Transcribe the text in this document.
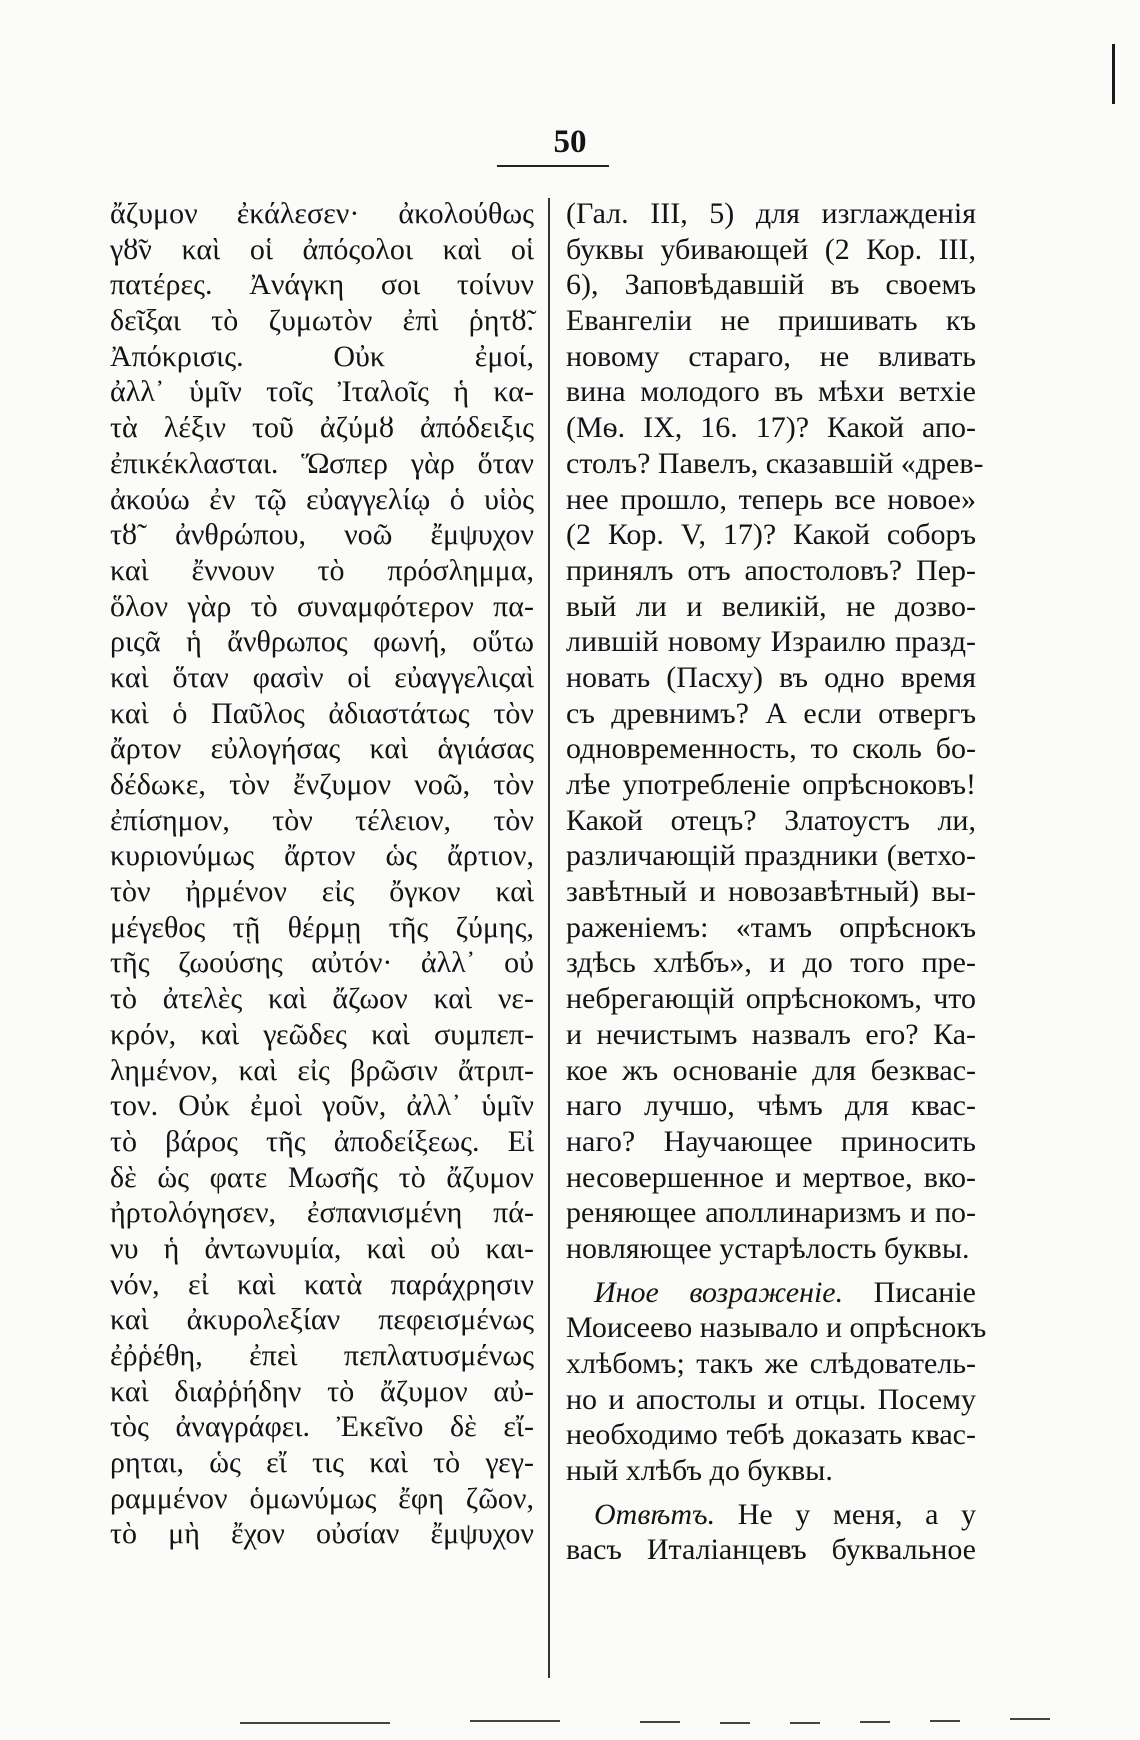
50
ἄζυμον ἐκάλεσεν· ἀκολούθως
γȣ̃ν καὶ οἱ ἀπόςολοι καὶ οἱ
πατέρες. Ἀνάγκη σοι τοίνυν
δεῖξαι τὸ ζυμωτὸν ἐπὶ ῥητȣ̃.
Ἀπόκρισις. Οὐκ ἐμοί,
ἀλλ᾿ ὑμῖν τοῖς Ἰταλοῖς ἡ κα-
τὰ λέξιν τοῦ ἀζύμȣ ἀπόδειξις
ἐπικέκλασται. Ὥσπερ γὰρ ὅταν
ἀκούω ἐν τῷ εὐαγγελίῳ ὁ υἱὸς
τȣ̃ ἀνθρώπου, νοῶ ἔμψυχον
καὶ ἔννουν τὸ πρόσλημμα,
ὅλον γὰρ τὸ συναμφότερον πα-
ριςᾶ ἡ ἄνθρωπος φωνή, οὕτω
καὶ ὅταν φασὶν οἱ εὐαγγελιςαὶ
καὶ ὁ Παῦλος ἀδιαστάτως τὸν
ἄρτον εὐλογήσας καὶ ἁγιάσας
δέδωκε, τὸν ἔνζυμον νοῶ, τὸν
ἐπίσημον, τὸν τέλειον, τὸν
κυριονύμως ἄρτον ὡς ἄρτιον,
τὸν ἠρμένον εἰς ὄγκον καὶ
μέγεθος τῇ θέρμῃ τῆς ζύμης,
τῆς ζωούσης αὐτόν· ἀλλ᾿ οὐ
τὸ ἀτελὲς καὶ ἄζωον καὶ νε-
κρόν, καὶ γεῶδες καὶ συμπεπ-
λημένον, καὶ εἰς βρῶσιν ἄτριπ-
τον. Οὐκ ἐμοὶ γοῦν, ἀλλ᾿ ὑμῖν
τὸ βάρος τῆς ἀποδείξεως. Εἰ
δὲ ὡς φατε Μωσῆς τὸ ἄζυμον
ἠρτολόγησεν, ἐσπανισμένη πά-
νυ ἡ ἀντωνυμία, καὶ οὐ και-
νόν, εἰ καὶ κατὰ παράχρησιν
καὶ ἀκυρολεξίαν πεφεισμένως
ἐῤῥέθη, ἐπεὶ πεπλατυσμένως
καὶ διαῤῥήδην τὸ ἄζυμον αὐ-
τὸς ἀναγράφει. Ἐκεῖνο δὲ εἴ-
ρηται, ὡς εἴ τις καὶ τὸ γεγ-
ραμμένον ὁμωνύμως ἔφη ζῶον,
τὸ μὴ ἔχον οὐσίαν ἔμψυχον
(Гал. III, 5) для изглажденія
буквы убивающей (2 Кор. III,
6), Заповѣдавшій въ своемъ
Евангеліи не пришивать къ
новому стараго, не вливать
вина молодого въ мѣхи ветхіе
(Мѳ. IX, 16. 17)? Какой апо-
столъ? Павелъ, сказавшій «древ-
нее прошло, теперь все новое»
(2 Кор. V, 17)? Какой соборъ
принялъ отъ апостоловъ? Пер-
вый ли и великій, не дозво-
лившій новому Израилю празд-
новать (Пасху) въ одно время
съ древнимъ? А если отвергъ
одновременность, то сколь бо-
лѣе употребленіе опрѣсноковъ!
Какой отецъ? Златоустъ ли,
различающій праздники (ветхо-
завѣтный и новозавѣтный) вы-
раженіемъ: «тамъ опрѣснокъ
здѣсь хлѣбъ», и до того пре-
небрегающій опрѣснокомъ, что
и нечистымъ назвалъ его? Ка-
кое жъ основаніе для безквас-
наго лучшо, чѣмъ для квас-
наго? Научающее приносить
несовершенное и мертвое, вко-
реняющее аполлинаризмъ и по-
новляющее устарѣлость буквы.
Иное возраженіе. Писаніе
Моисеево называло и опрѣснокъ
хлѣбомъ; такъ же слѣдователь-
но и апостолы и отцы. Посему
необходимо тебѣ доказать квас-
ный хлѣбъ до буквы.
Отвѣтъ. Не у меня, а у
васъ Италіанцевъ буквальное
